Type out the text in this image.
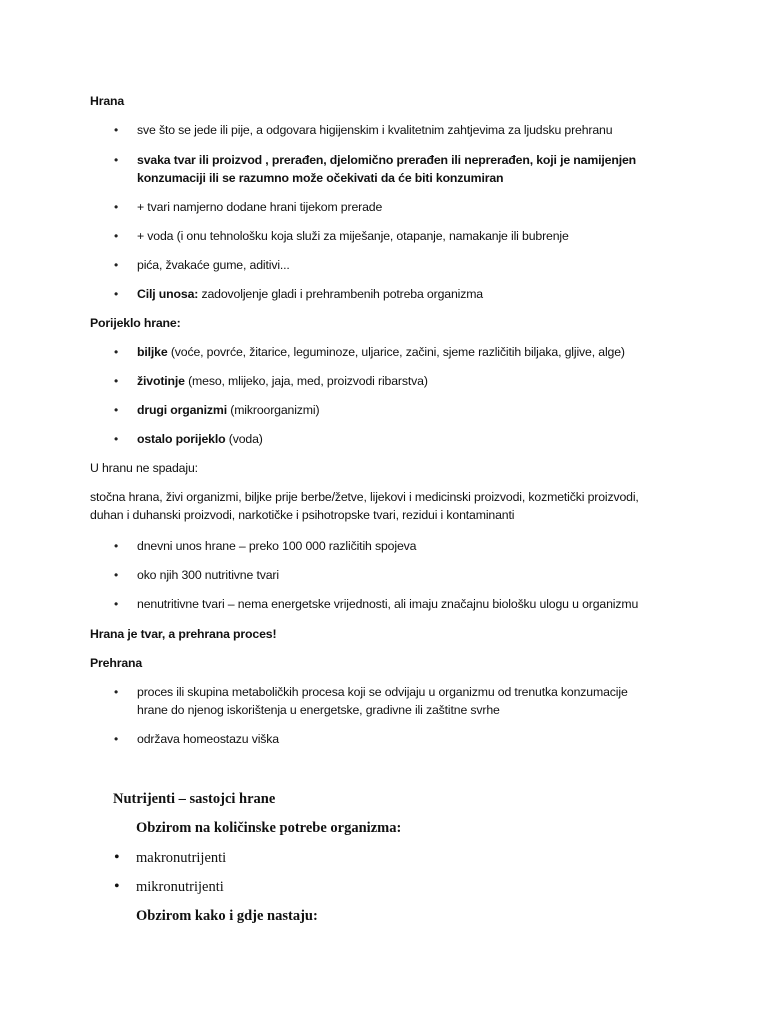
Hrana
• sve što se jede ili pije, a odgovara higijenskim i kvalitetnim zahtjevima za ljudsku prehranu
• svaka tvar ili proizvod , prerađen, djelomično prerađen ili neprerađen, koji je namijenjen
konzumaciji ili se razumno može očekivati da će biti konzumiran
• + tvari namjerno dodane hrani tijekom prerade
• + voda (i onu tehnološku koja služi za miješanje, otapanje, namakanje ili bubrenje
• pića, žvakaće gume, aditivi...
• Cilj unosa: zadovoljenje gladi i prehrambenih potreba organizma
Porijeklo hrane:
• biljke (voće, povrće, žitarice, leguminoze, uljarice, začini, sjeme različitih biljaka, gljive, alge)
• životinje (meso, mlijeko, jaja, med, proizvodi ribarstva)
• drugi organizmi (mikroorganizmi)
• ostalo porijeklo (voda)
U hranu ne spadaju:
stočna hrana, živi organizmi, biljke prije berbe/žetve, lijekovi i medicinski proizvodi, kozmetički proizvodi,
duhan i duhanski proizvodi, narkotičke i psihotropske tvari, rezidui i kontaminanti
• dnevni unos hrane – preko 100 000 različitih spojeva
• oko njih 300 nutritivne tvari
• nenutritivne tvari – nema energetske vrijednosti, ali imaju značajnu biološku ulogu u organizmu
Hrana je tvar, a prehrana proces!
Prehrana
• proces ili skupina metaboličkih procesa koji se odvijaju u organizmu od trenutka konzumacije
hrane do njenog iskorištenja u energetske, gradivne ili zaštitne svrhe
• održava homeostazu viška
Nutrijenti – sastojci hrane
Obzirom na količinske potrebe organizma:
• makronutrijenti
• mikronutrijenti
Obzirom kako i gdje nastaju:
